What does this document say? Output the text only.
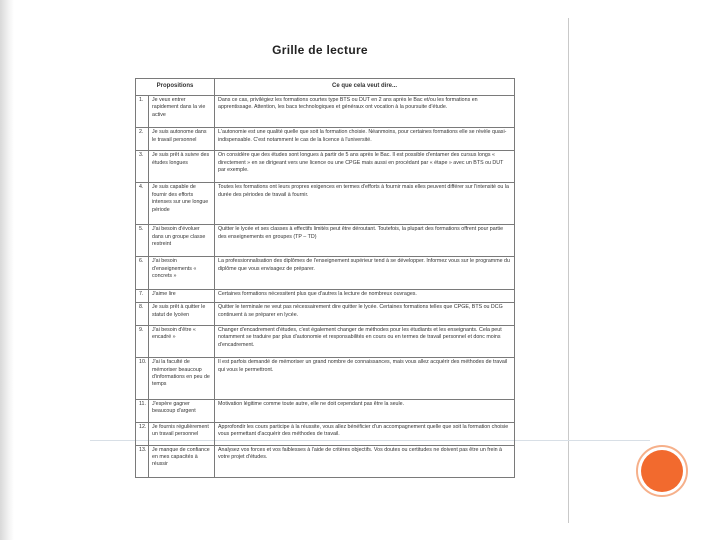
Grille de lecture
Propositions		Ce que cela veut dire...
1.	Je veux entrer rapidement dans la vie active	Dans ce cas, privilégiez les formations courtes type BTS ou DUT en 2 ans après le Bac et/ou les formations en apprentissage. Attention, les bacs technologiques et généraux ont vocation à la poursuite d'étude.
2.	Je suis autonome dans le travail personnel	L'autonomie est une qualité quelle que soit la formation choisie. Néanmoins, pour certaines formations elle se révèle quasi-indispensable. C'est notamment le cas de la licence à l'université.
3.	Je suis prêt à suivre des études longues	On considère que des études sont longues à partir de 5 ans après le Bac. Il est possible d'entamer des cursus longs « directement » en se dirigeant vers une licence ou une CPGE mais aussi en procédant par « étape » avec un BTS ou DUT par exemple.
4.	Je suis capable de fournir des efforts intenses sur une longue période	Toutes les formations ont leurs propres exigences en termes d'efforts à fournir mais elles peuvent différer sur l'intensité ou la durée des périodes de travail à fournir.
5.	J'ai besoin d'évoluer dans un groupe classe restreint	Quitter le lycée et ses classes à effectifs limités peut être déroutant. Toutefois, la plupart des formations offrent pour partie des enseignements en groupes (TP – TD)
6.	J'ai besoin d'enseignements « concrets »	La professionnalisation des diplômes de l'enseignement supérieur tend à se développer. Informez vous sur le programme du diplôme que vous envisagez de préparer.
7.	J'aime lire	Certaines formations nécessitent plus que d'autres la lecture de nombreux ouvrages.
8.	Je suis prêt à quitter le statut de lycéen	Quitter le terminale ne veut pas nécessairement dire quitter le lycée. Certaines formations telles que CPGE, BTS ou DCG continuent à se préparer en lycée.
9.	J'ai besoin d'être « encadré »	Changer d'encadrement d'études, c'est également changer de méthodes pour les étudiants et les enseignants. Cela peut notamment se traduire par plus d'autonomie et responsabilités en cours ou en termes de travail personnel et donc moins d'encadrement.
10.	J'ai la faculté de mémoriser beaucoup d'informations en peu de temps	Il est parfois demandé de mémoriser un grand nombre de connaissances, mais vous allez acquérir des méthodes de travail qui vous le permettront.
11.	J'espère gagner beaucoup d'argent	Motivation légitime comme toute autre, elle ne doit cependant pas être la seule.
12.	Je fournis régulièrement un travail personnel	Approfondir les cours participe à la réussite, vous allez bénéficier d'un accompagnement quelle que soit la formation choisie vous permettant d'acquérir des méthodes de travail.
13.	Je manque de confiance en mes capacités à réussir	Analysez vos forces et vos faiblesses à l'aide de critères objectifs. Vos doutes ou certitudes ne doivent pas être un frein à votre projet d'études.
